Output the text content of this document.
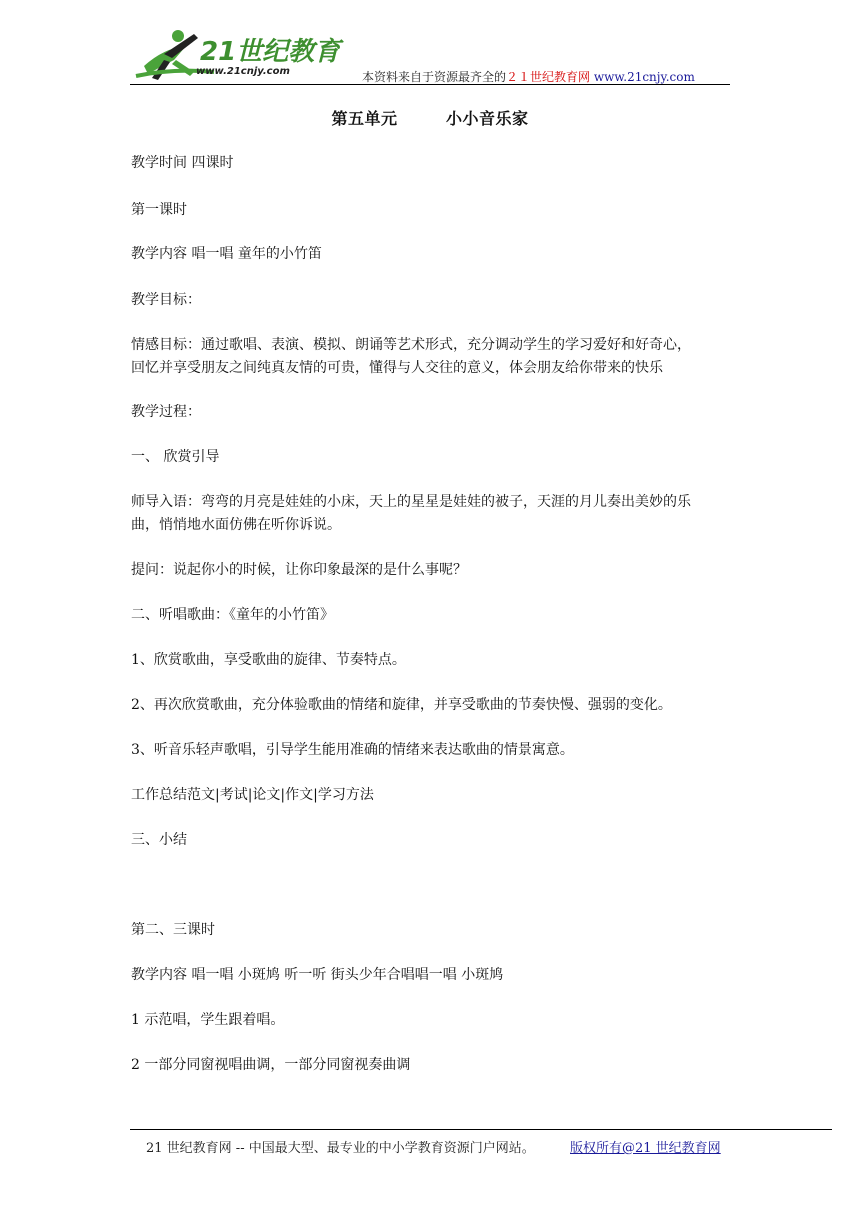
21世纪教育
www.21cnjy.com	本资料来自于资源最齐全的２１世纪教育网 www.21cnjy.com
第五单元        小小音乐家
教学时间 四课时
第一课时
教学内容 唱一唱 童年的小竹笛
教学目标：
情感目标：通过歌唱、表演、模拟、朗诵等艺术形式，充分调动学生的学习爱好和好奇心，
回忆并享受朋友之间纯真友情的可贵，懂得与人交往的意义，体会朋友给你带来的快乐
教学过程：
一、 欣赏引导
师导入语：弯弯的月亮是娃娃的小床，天上的星星是娃娃的被子，天涯的月儿奏出美妙的乐
曲，悄悄地水面仿佛在听你诉说。
提问：说起你小的时候，让你印象最深的是什么事呢？
二、听唱歌曲：《童年的小竹笛》
1、欣赏歌曲，享受歌曲的旋律、节奏特点。
2、再次欣赏歌曲，充分体验歌曲的情绪和旋律，并享受歌曲的节奏快慢、强弱的变化。
3、听音乐轻声歌唱，引导学生能用准确的情绪来表达歌曲的情景寓意。
工作总结范文|考试|论文|作文|学习方法
三、小结
第二、三课时
教学内容 唱一唱 小斑鸠 听一听 街头少年合唱唱一唱 小斑鸠
1 示范唱，学生跟着唱。
2 一部分同窗视唱曲调，一部分同窗视奏曲调
21 世纪教育网 -- 中国最大型、最专业的中小学教育资源门户网站。	版权所有@21 世纪教育网
